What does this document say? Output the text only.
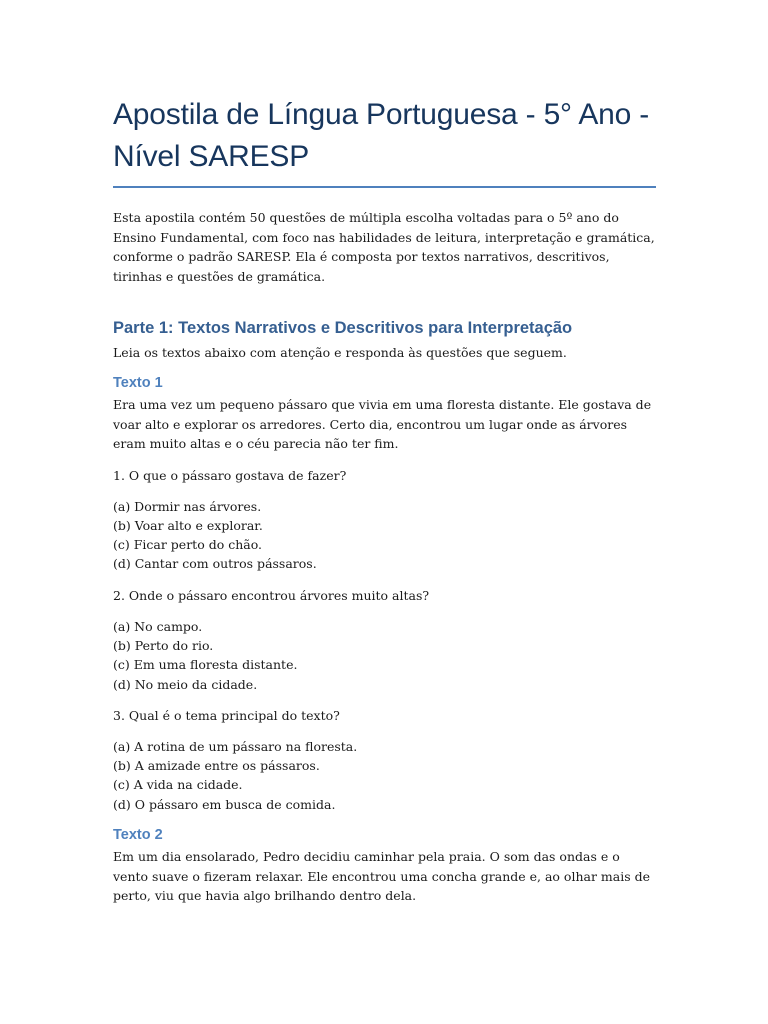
Apostila de Língua Portuguesa - 5° Ano - Nível SARESP

Esta apostila contém 50 questões de múltipla escolha voltadas para o 5º ano do Ensino Fundamental, com foco nas habilidades de leitura, interpretação e gramática, conforme o padrão SARESP. Ela é composta por textos narrativos, descritivos, tirinhas e questões de gramática.

Parte 1: Textos Narrativos e Descritivos para Interpretação

Leia os textos abaixo com atenção e responda às questões que seguem.

Texto 1

Era uma vez um pequeno pássaro que vivia em uma floresta distante. Ele gostava de voar alto e explorar os arredores. Certo dia, encontrou um lugar onde as árvores eram muito altas e o céu parecia não ter fim.

1. O que o pássaro gostava de fazer?

(a) Dormir nas árvores.
(b) Voar alto e explorar.
(c) Ficar perto do chão.
(d) Cantar com outros pássaros.

2. Onde o pássaro encontrou árvores muito altas?

(a) No campo.
(b) Perto do rio.
(c) Em uma floresta distante.
(d) No meio da cidade.

3. Qual é o tema principal do texto?

(a) A rotina de um pássaro na floresta.
(b) A amizade entre os pássaros.
(c) A vida na cidade.
(d) O pássaro em busca de comida.
Texto 2

Em um dia ensolarado, Pedro decidiu caminhar pela praia. O som das ondas e o vento suave o fizeram relaxar. Ele encontrou uma concha grande e, ao olhar mais de perto, viu que havia algo brilhando dentro dela.
